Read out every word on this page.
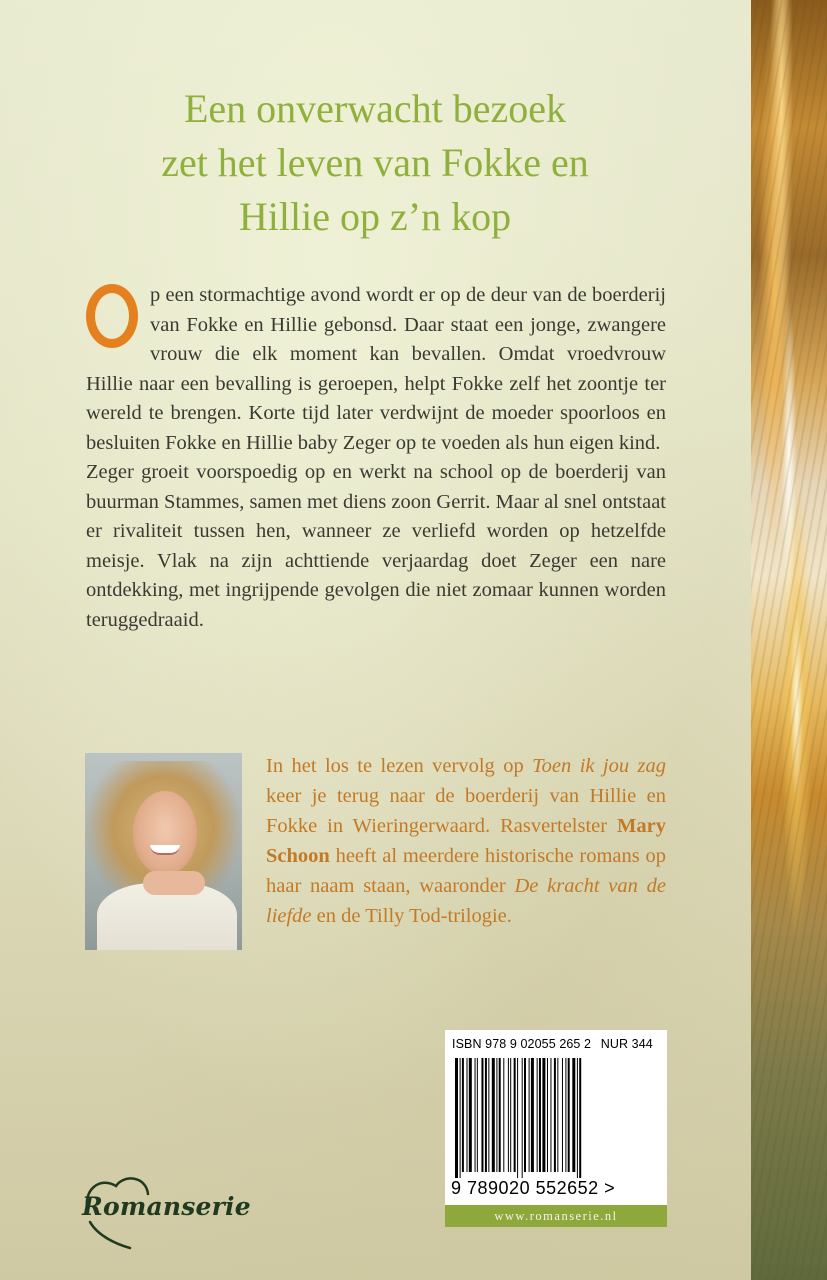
Een onverwacht bezoek
zet het leven van Fokke en
Hillie op z’n kop

p een stormachtige avond wordt er op de deur van de boerderij van Fokke en Hillie gebonsd. Daar staat een jonge, zwangere vrouw die elk moment kan bevallen. Omdat vroedvrouw Hillie naar een bevalling is geroepen, helpt Fokke zelf het zoontje ter wereld te brengen. Korte tijd later verdwijnt de moeder spoorloos en besluiten Fokke en Hillie baby Zeger op te voeden als hun eigen kind.

Zeger groeit voorspoedig op en werkt na school op de boerderij van buurman Stammes, samen met diens zoon Gerrit. Maar al snel ontstaat er rivaliteit tussen hen, wanneer ze verliefd worden op hetzelfde meisje. Vlak na zijn achttiende verjaardag doet Zeger een nare ontdekking, met ingrijpende gevolgen die niet zomaar kunnen worden teruggedraaid.

In het los te lezen vervolg op Toen ik jou zag keer je terug naar de boerderij van Hillie en Fokke in Wieringerwaard. Rasvertelster Mary Schoon heeft al meerdere historische romans op haar naam staan, waaronder De kracht van de liefde en de Tilly Tod-trilogie.

ISBN 978 9 02055 265 2 NUR 344
9 789020 552652 >
www.romanserie.nl
Romanserie
